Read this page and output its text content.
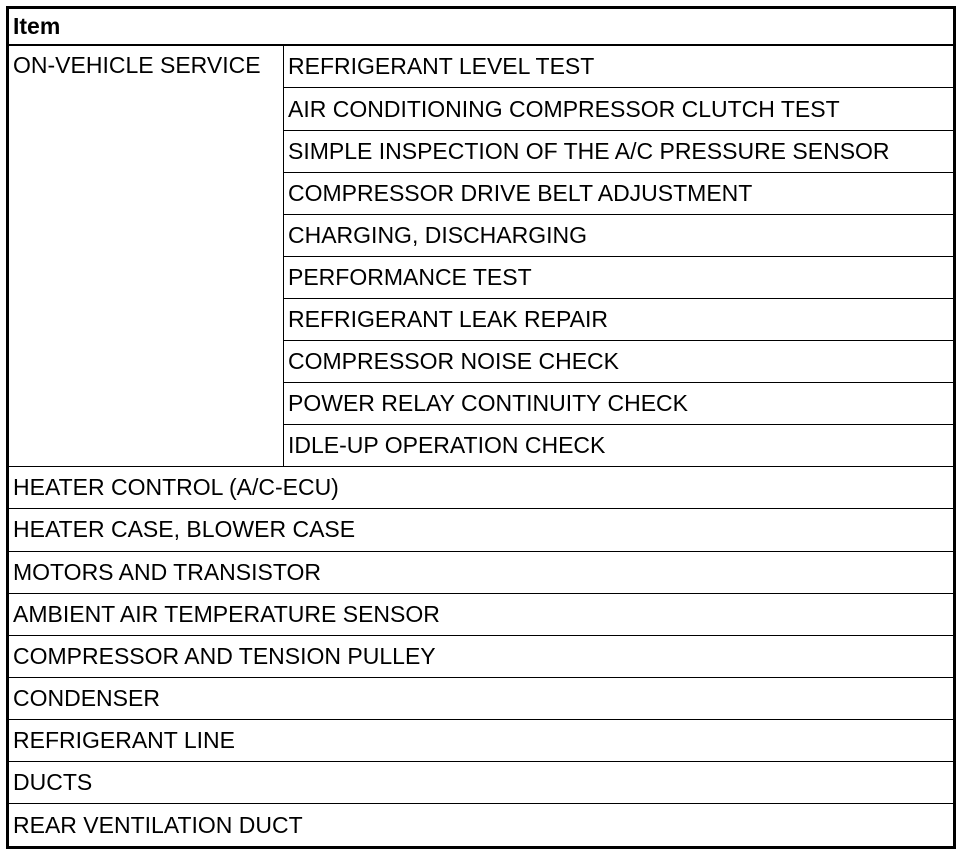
Item
ON-VEHICLE SERVICE	REFRIGERANT LEVEL TEST
AIR CONDITIONING COMPRESSOR CLUTCH TEST
SIMPLE INSPECTION OF THE A/C PRESSURE SENSOR
COMPRESSOR DRIVE BELT ADJUSTMENT
CHARGING, DISCHARGING
PERFORMANCE TEST
REFRIGERANT LEAK REPAIR
COMPRESSOR NOISE CHECK
POWER RELAY CONTINUITY CHECK
IDLE-UP OPERATION CHECK
HEATER CONTROL (A/C-ECU)
HEATER CASE, BLOWER CASE
MOTORS AND TRANSISTOR
AMBIENT AIR TEMPERATURE SENSOR
COMPRESSOR AND TENSION PULLEY
CONDENSER
REFRIGERANT LINE
DUCTS
REAR VENTILATION DUCT
